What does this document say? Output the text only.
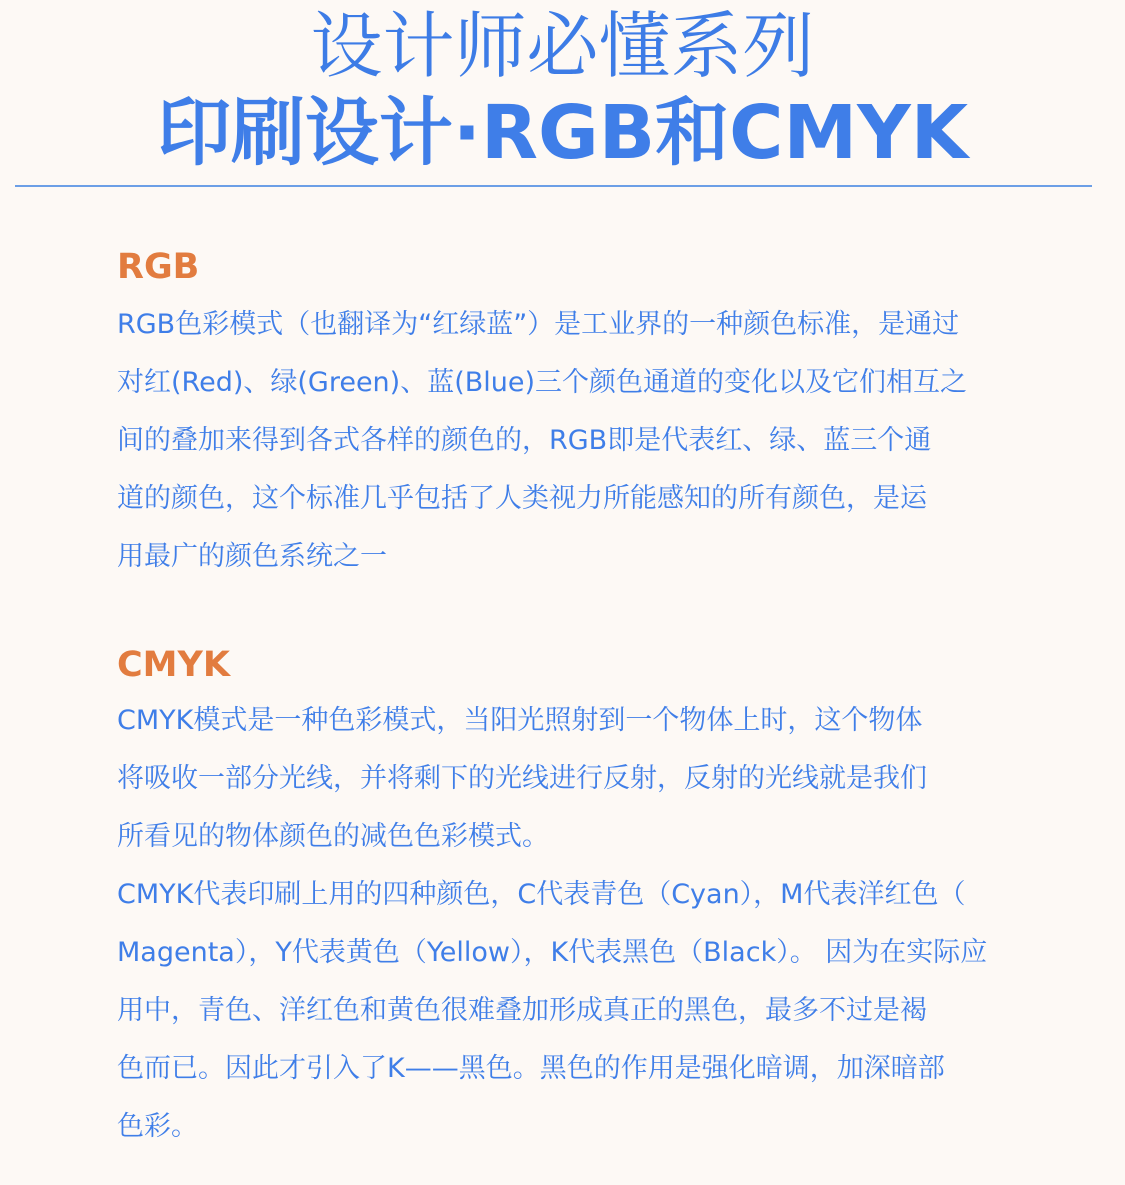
设计师必懂系列
印刷设计·RGB和CMYK
RGB
RGB色彩模式（也翻译为“红绿蓝”）是工业界的一种颜色标准，是通过
对红(Red)、绿(Green)、蓝(Blue)三个颜色通道的变化以及它们相互之
间的叠加来得到各式各样的颜色的，RGB即是代表红、绿、蓝三个通
道的颜色，这个标准几乎包括了人类视力所能感知的所有颜色，是运
用最广的颜色系统之一
CMYK
CMYK模式是一种色彩模式，当阳光照射到一个物体上时，这个物体
将吸收一部分光线，并将剩下的光线进行反射，反射的光线就是我们
所看见的物体颜色的减色色彩模式。
CMYK代表印刷上用的四种颜色，C代表青色（Cyan），M代表洋红色（
Magenta），Y代表黄色（Yellow），K代表黑色（Black）。 因为在实际应
用中，青色、洋红色和黄色很难叠加形成真正的黑色，最多不过是褐
色而已。因此才引入了K——黑色。黑色的作用是强化暗调，加深暗部
色彩。
